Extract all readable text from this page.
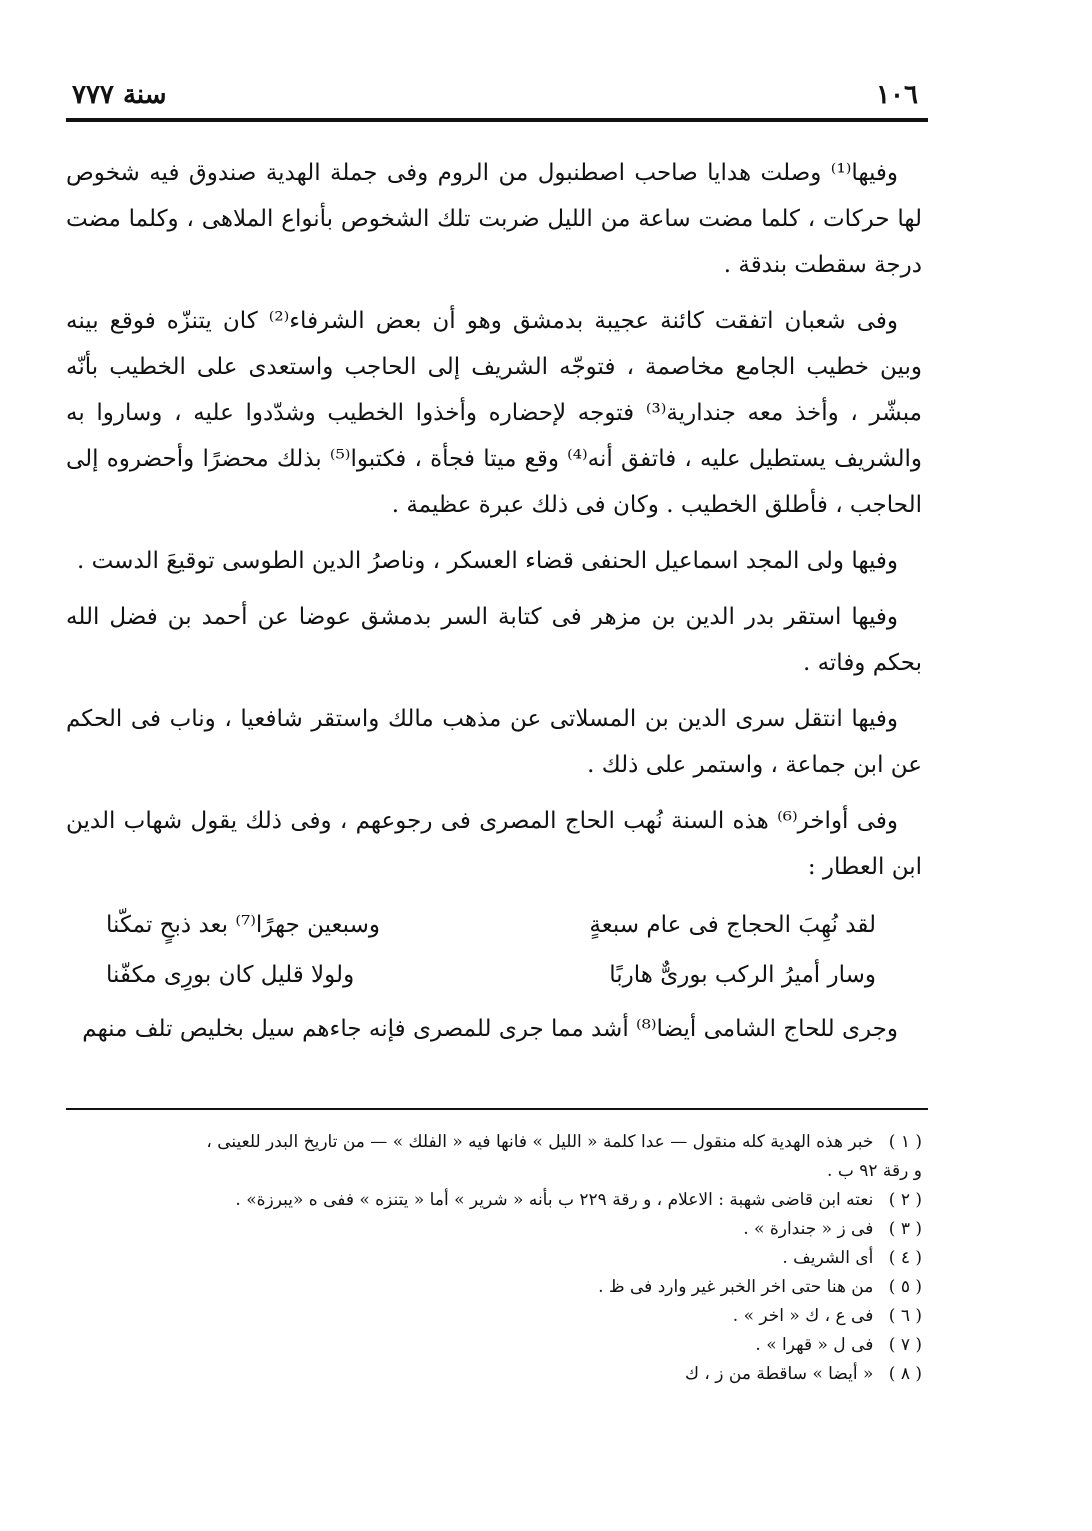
١٠٦
سنة ٧٧٧

وفيها⁽¹⁾ وصلت هدايا صاحب اصطنبول من الروم وفى جملة الهدية صندوق فيه شخوص لها حركات ، كلما مضت ساعة من الليل ضربت تلك الشخوص بأنواع الملاهى ، وكلما مضت درجة سقطت بندقة .

وفى شعبان اتفقت كائنة عجيبة بدمشق وهو أن بعض الشرفاء⁽²⁾ كان يتنزّه فوقع بينه وبين خطيب الجامع مخاصمة ، فتوجّه الشريف إلى الحاجب واستعدى على الخطيب بأنّه مبشّر ، وأخذ معه جندارية⁽³⁾ فتوجه لإحضاره وأخذوا الخطيب وشدّدوا عليه ، وساروا به والشريف يستطيل عليه ، فاتفق أنه⁽⁴⁾ وقع ميتا فجأة ، فكتبوا⁽⁵⁾ بذلك محضرًا وأحضروه إلى الحاجب ، فأطلق الخطيب . وكان فى ذلك عبرة عظيمة .

وفيها ولى المجد اسماعيل الحنفى قضاء العسكر ، وناصرُ الدين الطوسى توقيعَ الدست .

وفيها استقر بدر الدين بن مزهر فى كتابة السر بدمشق عوضا عن أحمد بن فضل الله بحكم وفاته .

وفيها انتقل سرى الدين بن المسلاتى عن مذهب مالك واستقر شافعيا ، وناب فى الحكم عن ابن جماعة ، واستمر على ذلك .

وفى أواخر⁽⁶⁾ هذه السنة نُهب الحاج المصرى فى رجوعهم ، وفى ذلك يقول شهاب الدين ابن العطار :

لقد نُهِبَ الحجاج فى عام سبعةٍ
وسبعين جهرًا⁽⁷⁾ بعد ذبحٍ تمكّنا
وسار أميرُ الركب بورىٌّ هاربًا
ولولا قليل كان بورِى مكفّنا

وجرى للحاج الشامى أيضا⁽⁸⁾ أشد مما جرى للمصرى فإنه جاءهم سيل بخليص تلف منهم

( ١ ) خبر هذه الهدية كله منقول — عدا كلمة « الليل » فانها فيه « الفلك » — من تاريخ البدر للعينى ،

و رقة ٩٢ ب .

( ٢ ) نعته ابن قاضى شهبة : الاعلام ، و رقة ٢٢٩ ب بأنه « شرير » أما « يتنزه » ففى ه «يبرزة» .

( ٣ ) فى ز « جندارة » .

( ٤ ) أى الشريف .

( ٥ ) من هنا حتى اخر الخبر غير وارد فى ظ .

( ٦ ) فى ع ، ك « اخر » .

( ٧ ) فى ل « قهرا » .

( ٨ ) « أيضا » ساقطة من ز ، ك
